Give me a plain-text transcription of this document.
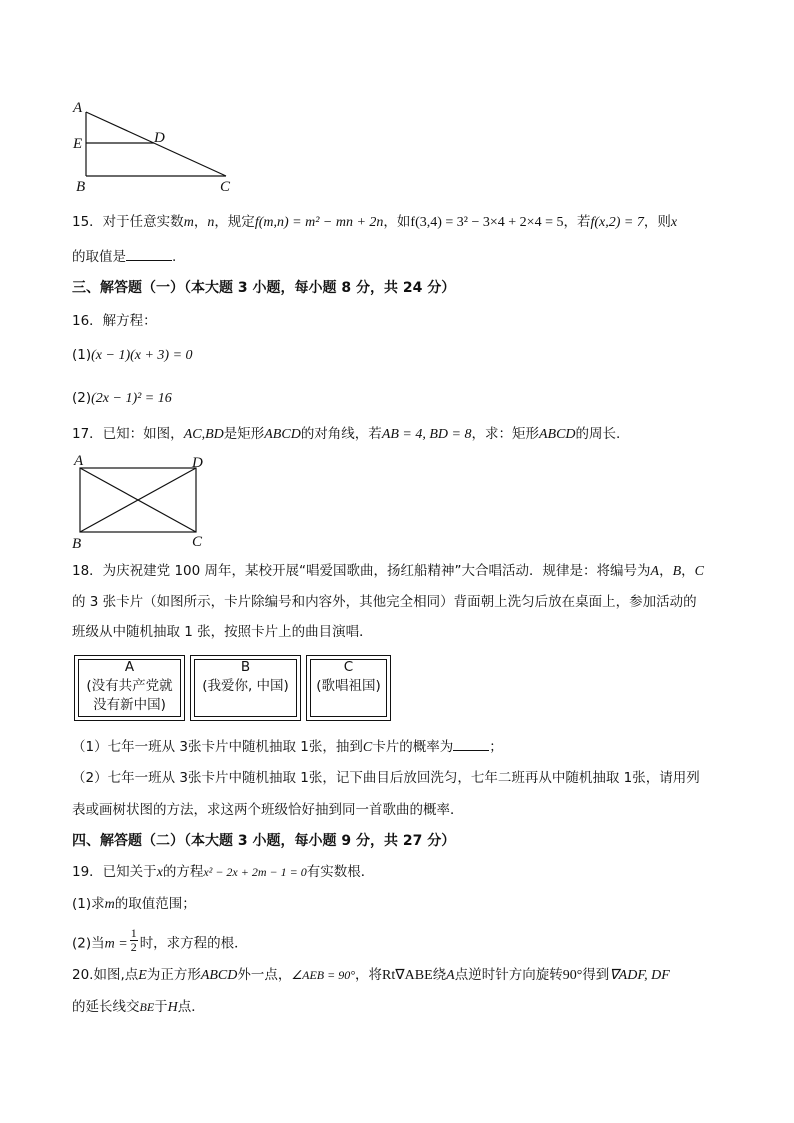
A
E	D
B	C
15．对于任意实数m，n，规定f(m,n) = m² − mn + 2n，如f(3,4) = 3² − 3×4 + 2×4 = 5，若f(x,2) = 7，则x
的取值是	.
三、解答题（一）（本大题 3 小题，每小题 8 分，共 24 分）
16．解方程：
(1)(x − 1)(x + 3) = 0
(2)(2x − 1)² = 16
17．已知：如图，AC,BD是矩形ABCD的对角线，若AB = 4, BD = 8，求：矩形ABCD的周长.
A	D
B	C
18．为庆祝建党 100 周年，某校开展“唱爱国歌曲，扬红船精神”大合唱活动．规律是：将编号为A，B，C
的 3 张卡片（如图所示，卡片除编号和内容外，其他完全相同）背面朝上洗匀后放在桌面上，参加活动的
班级从中随机抽取 1 张，按照卡片上的曲目演唱．
A
(没有共产党就
没有新中国)
B
(我爱你, 中国)
C
(歌唱祖国)
（1）七年一班从 3张卡片中随机抽取 1张，抽到C卡片的概率为	；
（2）七年一班从 3张卡片中随机抽取 1张，记下曲目后放回洗匀，七年二班再从中随机抽取 1张，请用列
表或画树状图的方法，求这两个班级恰好抽到同一首歌曲的概率．
四、解答题（二）（本大题 3 小题，每小题 9 分，共 27 分）
19．已知关于x的方程x² − 2x + 2m − 1 = 0有实数根．
(1)求m的取值范围；
(2)当$m = \frac{1}{2}$ 时，求方程的根．
20.如图,点E为正方形ABCD外一点，∠AEB = 90°，将Rt∇ABE绕A点逆时针方向旋转90°得到∇ADF, DF
的延长线交BE于H点．
